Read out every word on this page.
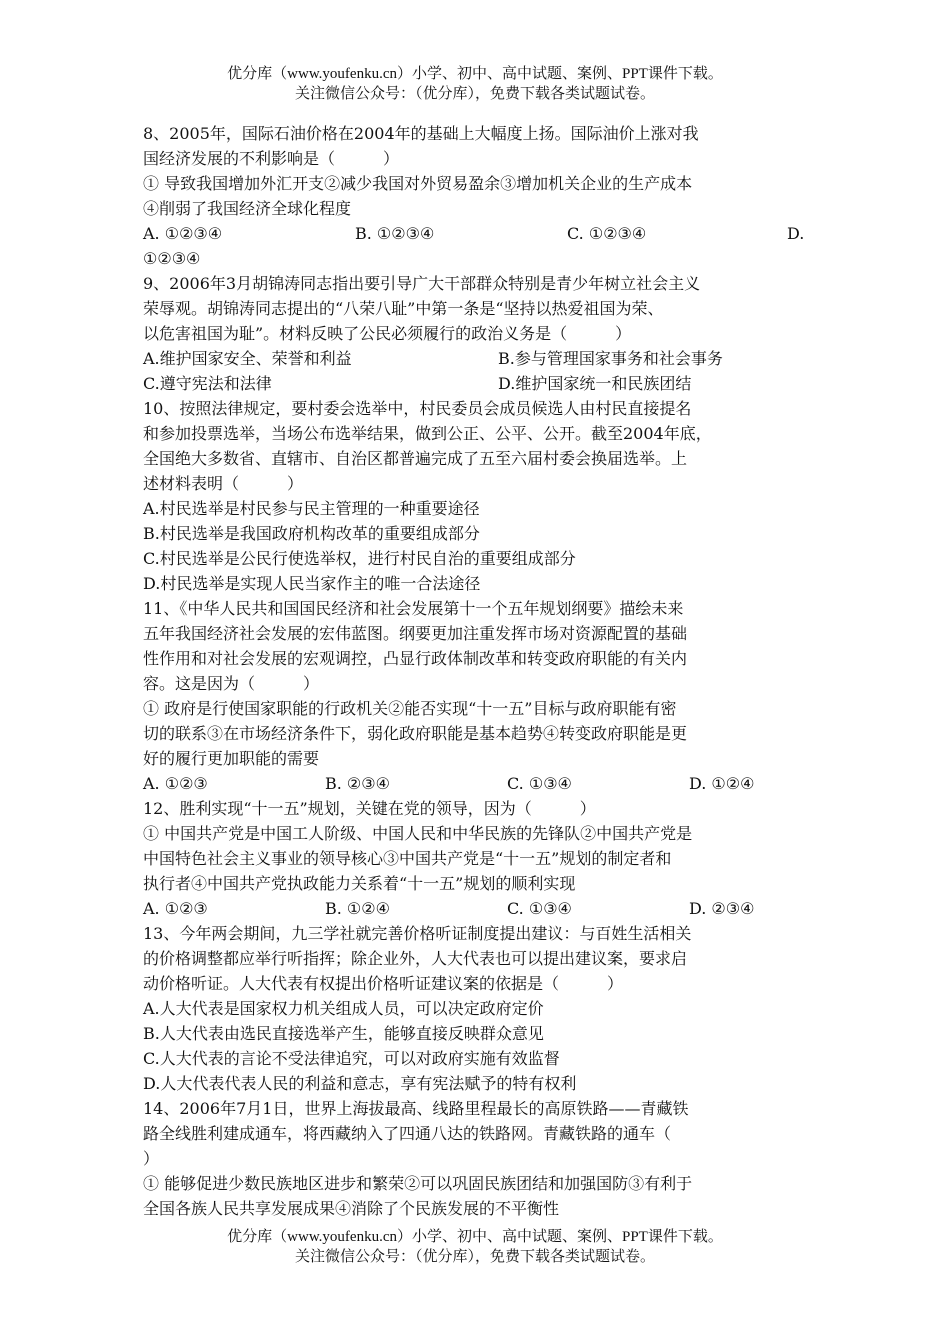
优分库（www.youfenku.cn）小学、初中、高中试题、案例、PPT课件下载。
关注微信公众号：（优分库），免费下载各类试题试卷。
8、2005年，国际石油价格在2004年的基础上大幅度上扬。国际油价上涨对我
国经济发展的不利影响是（　　　）
① 导致我国增加外汇开支②减少我国对外贸易盈余③增加机关企业的生产成本
④削弱了我国经济全球化程度
A. ①②③④	B. ①②③④	C. ①②③④	D.
①②③④
9、2006年3月胡锦涛同志指出要引导广大干部群众特别是青少年树立社会主义
荣辱观。胡锦涛同志提出的“八荣八耻”中第一条是“坚持以热爱祖国为荣、
以危害祖国为耻”。材料反映了公民必须履行的政治义务是（　　　）
A.维护国家安全、荣誉和利益	B.参与管理国家事务和社会事务
C.遵守宪法和法律	D.维护国家统一和民族团结
10、按照法律规定，要村委会选举中，村民委员会成员候选人由村民直接提名
和参加投票选举，当场公布选举结果，做到公正、公平、公开。截至2004年底，
全国绝大多数省、直辖市、自治区都普遍完成了五至六届村委会换届选举。上
述材料表明（　　　）
A.村民选举是村民参与民主管理的一种重要途径
B.村民选举是我国政府机构改革的重要组成部分
C.村民选举是公民行使选举权，进行村民自治的重要组成部分
D.村民选举是实现人民当家作主的唯一合法途径
11、《中华人民共和国国民经济和社会发展第十一个五年规划纲要》描绘未来
五年我国经济社会发展的宏伟蓝图。纲要更加注重发挥市场对资源配置的基础
性作用和对社会发展的宏观调控，凸显行政体制改革和转变政府职能的有关内
容。这是因为（　　　）
① 政府是行使国家职能的行政机关②能否实现“十一五”目标与政府职能有密
切的联系③在市场经济条件下，弱化政府职能是基本趋势④转变政府职能是更
好的履行更加职能的需要
A. ①②③	B. ②③④	C. ①③④	D. ①②④
12、胜利实现“十一五”规划，关键在党的领导，因为（　　　）
① 中国共产党是中国工人阶级、中国人民和中华民族的先锋队②中国共产党是
中国特色社会主义事业的领导核心③中国共产党是“十一五”规划的制定者和
执行者④中国共产党执政能力关系着“十一五”规划的顺利实现
A. ①②③	B. ①②④	C. ①③④	D. ②③④
13、今年两会期间，九三学社就完善价格听证制度提出建议：与百姓生活相关
的价格调整都应举行听指挥；除企业外，人大代表也可以提出建议案，要求启
动价格听证。人大代表有权提出价格听证建议案的依据是（　　　）
A.人大代表是国家权力机关组成人员，可以决定政府定价
B.人大代表由选民直接选举产生，能够直接反映群众意见
C.人大代表的言论不受法律追究，可以对政府实施有效监督
D.人大代表代表人民的利益和意志，享有宪法赋予的特有权利
14、2006年7月1日，世界上海拔最高、线路里程最长的高原铁路——青藏铁
路全线胜利建成通车，将西藏纳入了四通八达的铁路网。青藏铁路的通车（
）
① 能够促进少数民族地区进步和繁荣②可以巩固民族团结和加强国防③有利于
全国各族人民共享发展成果④消除了个民族发展的不平衡性
优分库（www.youfenku.cn）小学、初中、高中试题、案例、PPT课件下载。
关注微信公众号：（优分库），免费下载各类试题试卷。
